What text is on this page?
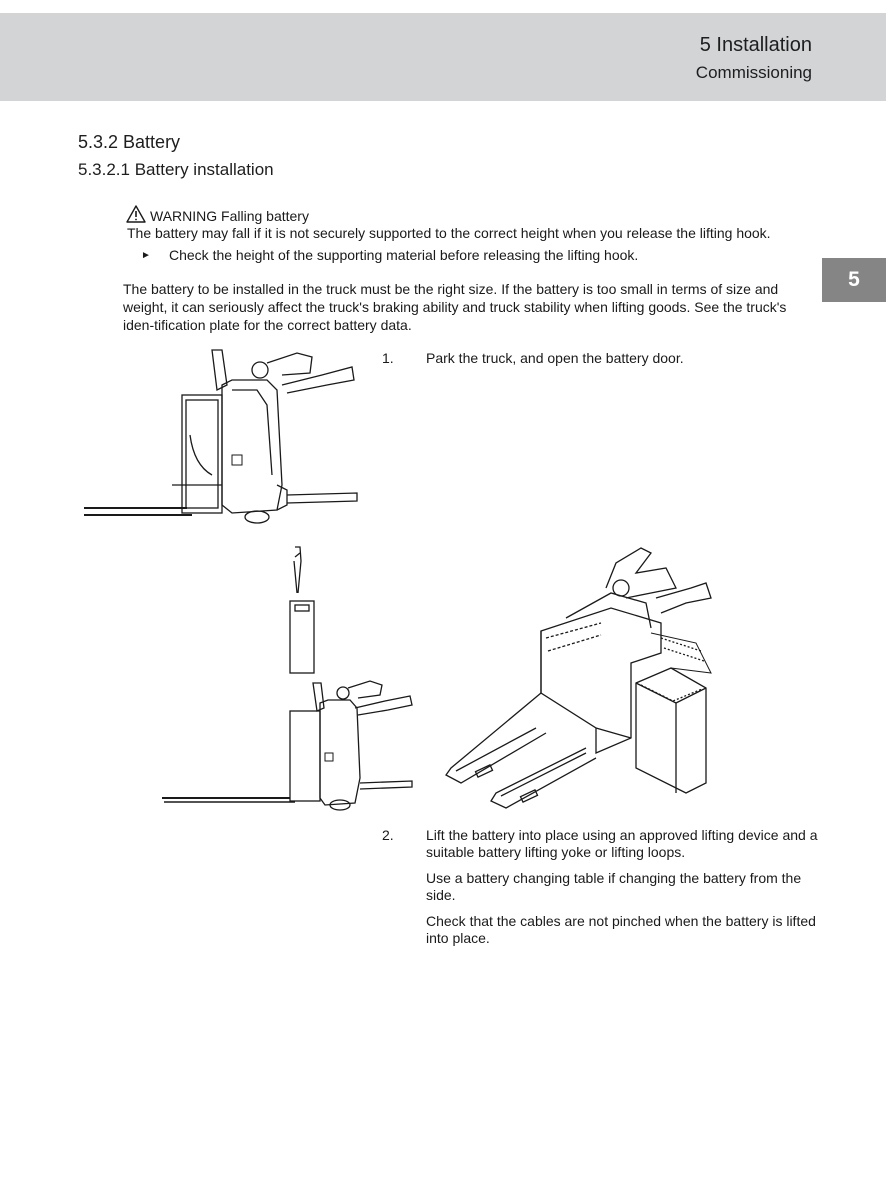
5 Installation
Commissioning
5
5.3.2 Battery
5.3.2.1 Battery installation
WARNING Falling battery
The battery may fall if it is not securely supported to the correct height when you release the lifting hook.
►	Check the height of the supporting material before releasing the lifting hook.
The battery to be installed in the truck must be the right size. If the battery is too small in terms of size and weight, it can seriously affect the truck's braking ability and truck stability when lifting goods. See the truck's iden-tification plate for the correct battery data.
1. Park the truck, and open the battery door.

2. Lift the battery into place using an approved lifting device and a suitable battery lifting yoke or lifting loops.

Use a battery changing table if changing the battery from the side.

Check that the cables are not pinched when the battery is lifted into place.
